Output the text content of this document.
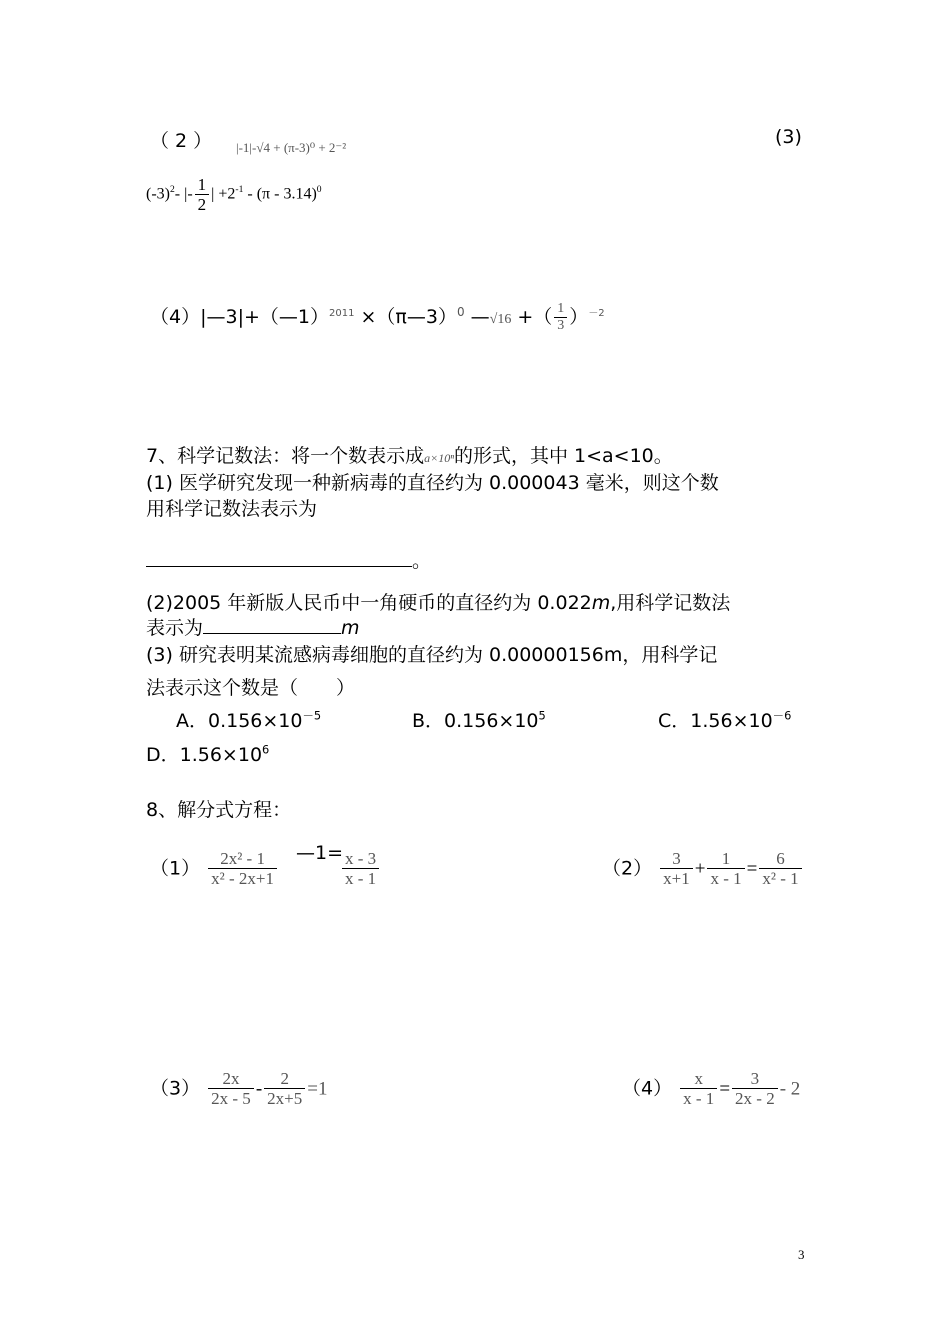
（ 2 ） |-1|-√4 + (π-3)⁰ + 2⁻²	(3)
$(-3)^2-$ |- $\frac{1}{2}$ | $+2^{-1} - (\pi - 3.14)^0$
（4）|—3|+（—1）$^{2011}$ ×（π—3）$^0$ —√16 +（ $\frac{1}{3} )^{-2}$
7、科学记数法：将一个数表示成a×10ⁿ的形式，其中 1<a<10。
(1) 医学研究发现一种新病毒的直径约为 0.000043 毫米，则这个数
用科学记数法表示为
。
(2)2005 年新版人民币中一角硬币的直径约为 0.022m,用科学记数法
表示为	m
(3) 研究表明某流感病毒细胞的直径约为 0.00000156m，用科学记
法表示这个数是（　　）
A．$0.156\times 10^{-5}$	B．$0.156\times 10^5$	C．$1.56\times 10^{-6}$
D．$1.56\times 10^6$
8、解分式方程：
$(1) \frac{\text{2x² - 1}}{\text{x² - 2x+1}}$ —1=
$\frac{x - 3}{x - 1}$	$(2) \frac{3}{x+1} + \frac{1}{x - 1} = \frac{6}{\text{x² - 1}}$
$(3) \frac{2x}{2x - 5} - \frac{2}{2x+5} =1$	$(4) \frac{x}{x - 1} = \frac{3}{2x - 2} - 2$
3
